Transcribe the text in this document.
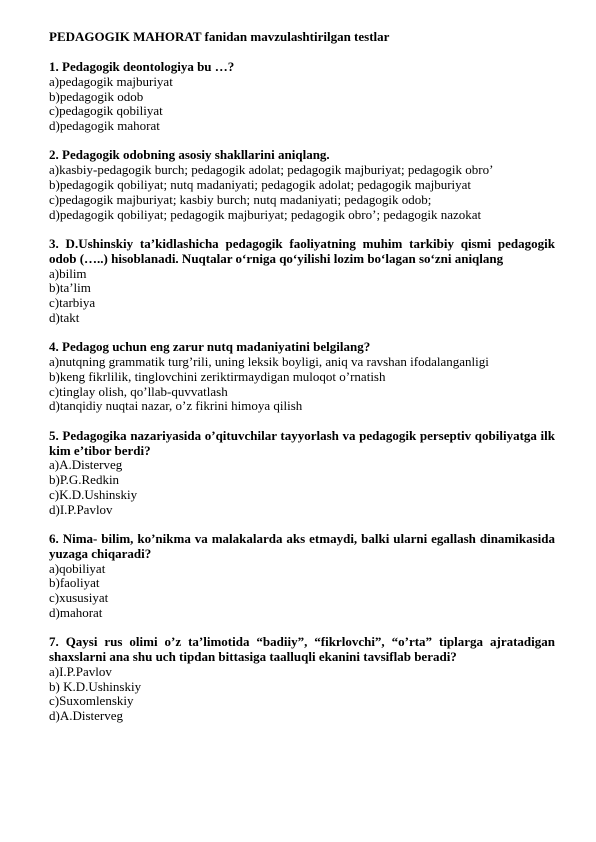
PEDAGOGIK MAHORAT fanidan mavzulashtirilgan testlar

1. Pedagogik deontologiya bu …?

a)pedagogik majburiyat
b)pedagogik odob
c)pedagogik qobiliyat
d)pedagogik mahorat

2. Pedagogik odobning asosiy shakllarini aniqlang.

a)kasbiy-pedagogik burch; pedagogik adolat; pedagogik majburiyat; pedagogik obro’
b)pedagogik qobiliyat; nutq madaniyati; pedagogik adolat; pedagogik majburiyat
c)pedagogik majburiyat; kasbiy burch; nutq madaniyati; pedagogik odob;
d)pedagogik qobiliyat; pedagogik majburiyat; pedagogik obro’; pedagogik nazokat

3. D.Ushinskiy ta’kidlashicha pedagogik faoliyatning muhim tarkibiy qismi pedagogik odob (…..) hisoblanadi. Nuqtalar o‘rniga qo‘yilishi lozim bo‘lagan so‘zni aniqlang

a)bilim
b)ta’lim
c)tarbiya
d)takt

4. Pedagog uchun eng zarur nutq madaniyatini belgilang?

a)nutqning grammatik turg’rili, uning leksik boyligi, aniq va ravshan ifodalanganligi
b)keng fikrlilik, tinglovchini zeriktirmaydigan muloqot o’rnatish
c)tinglay olish, qo’llab-quvvatlash
d)tanqidiy nuqtai nazar, o’z fikrini himoya qilish

5. Pedagogika nazariyasida o’qituvchilar tayyorlash va pedagogik perseptiv qobiliyatga ilk kim e’tibor berdi?

a)A.Disterveg
b)P.G.Redkin
c)K.D.Ushinskiy
d)I.P.Pavlov

6. Nima- bilim, ko’nikma va malakalarda aks etmaydi, balki ularni egallash dinamikasida yuzaga chiqaradi?

a)qobiliyat
b)faoliyat
c)xususiyat
d)mahorat

7. Qaysi rus olimi o’z ta’limotida “badiiy”, “fikrlovchi”, “o’rta” tiplarga ajratadigan shaxslarni ana shu uch tipdan bittasiga taalluqli ekanini tavsiflab beradi?

a)I.P.Pavlov
b) K.D.Ushinskiy
c)Suxomlenskiy
d)A.Disterveg
